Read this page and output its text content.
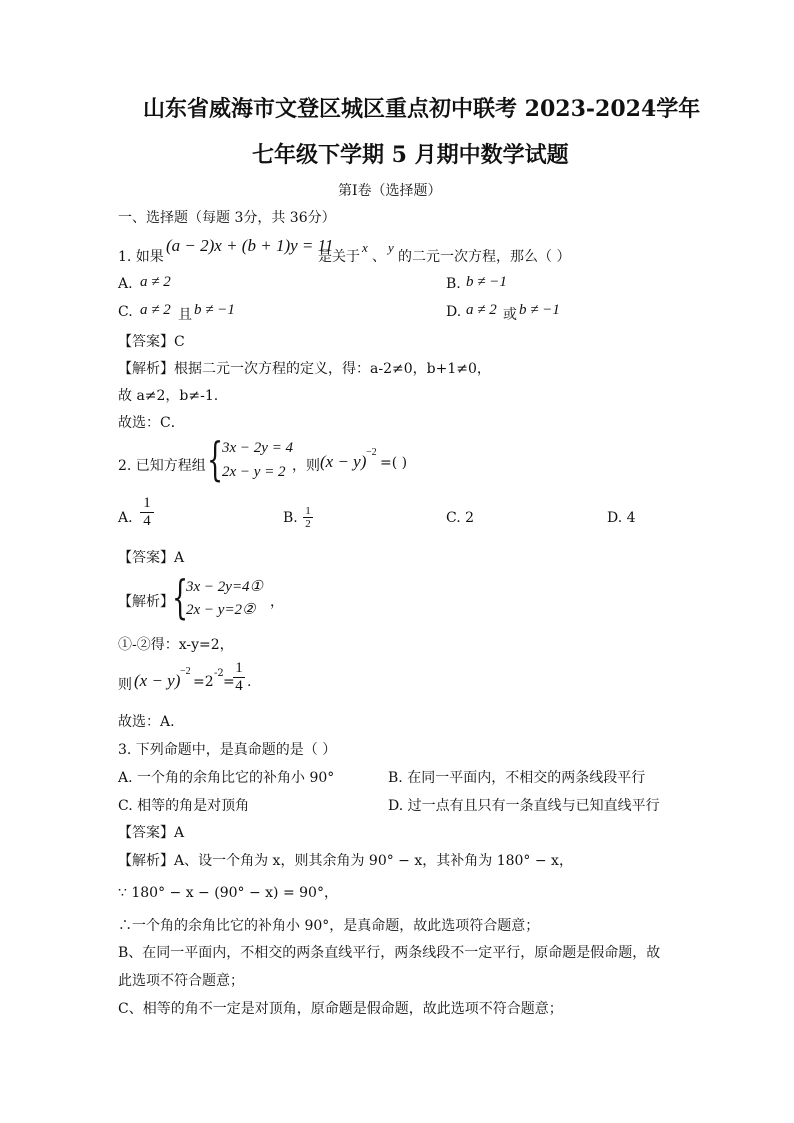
山东省威海市文登区城区重点初中联考 2023-2024学年
七年级下学期 5 月期中数学试题
第Ⅰ卷（选择题）
一、选择题（每题 3分，共 36分）
1. 如果
(a − 2)x + (b + 1)y = 11
是关于
x
、
y
的二元一次方程，那么（ ）
A. a ≠ 2	B. b ≠ −1
C. a ≠ 2 且 b ≠ −1	D. a ≠ 2 或 b ≠ −1
【答案】C
【解析】根据二元一次方程的定义，得：a-2≠0，b+1≠0，
故 a≠2，b≠-1.
故选：C．
2. 已知方程组 {
3x − 2y = 4
2x − y = 2 ，则 (x − y) −2
=( )
A. $\frac{1}{4}$	B. $\frac{1}{2}$	C. 2	D. 4
【答案】A
【解析】
{
3x − 2y=4①
2x − y=2② ，
①-②得：x-y=2，
则 (x − y) −2
=2
-2
=
$\frac{1}{4}$ .
故选：A.
3. 下列命题中，是真命题的是（ ）
A. 一个角的余角比它的补角小 90°	B. 在同一平面内，不相交的两条线段平行
C. 相等的角是对顶角	D. 过一点有且只有一条直线与已知直线平行
【答案】A
【解析】A、设一个角为 x，则其余角为 90° − x，其补角为 180° − x，
∵ 180° − x − (90° − x) = 90°，
∴一个角的余角比它的补角小 90°，是真命题，故此选项符合题意；
B、在同一平面内，不相交的两条直线平行，两条线段不一定平行，原命题是假命题，故
此选项不符合题意；
C、相等的角不一定是对顶角，原命题是假命题，故此选项不符合题意；
